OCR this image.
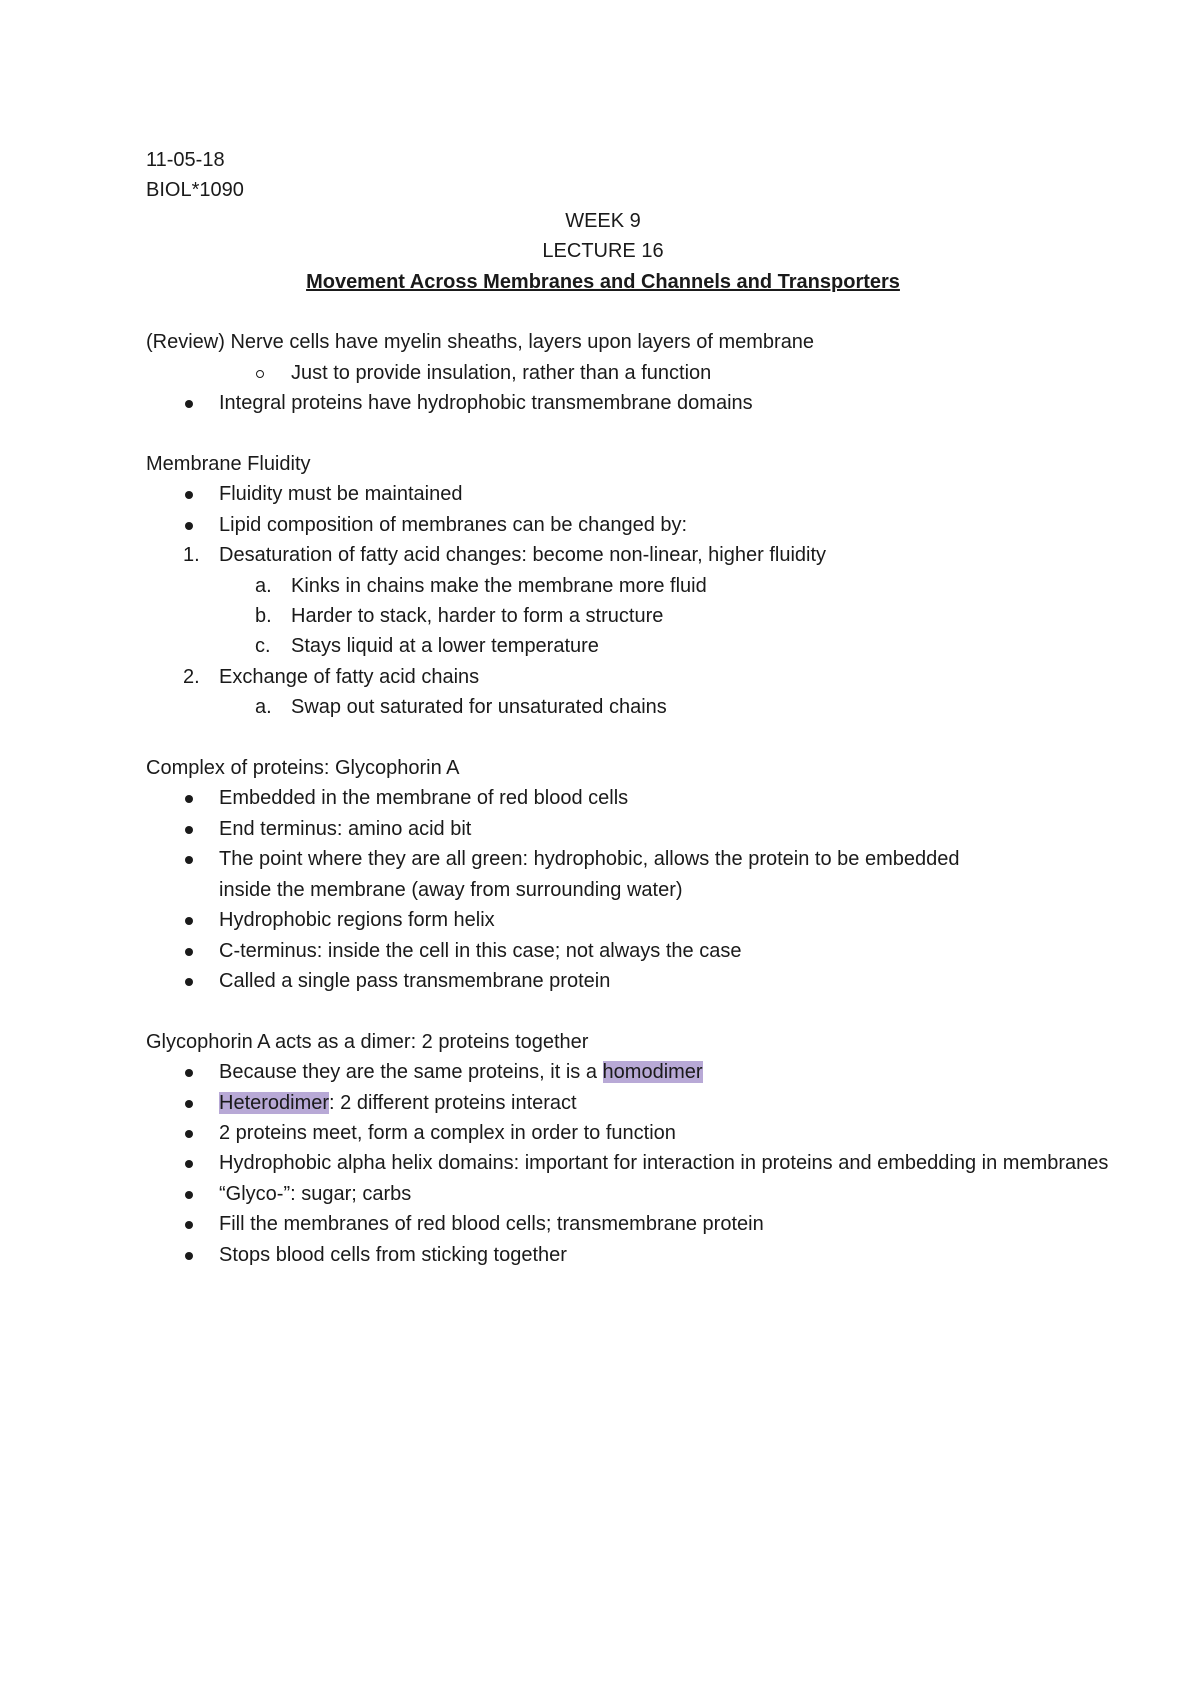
11-05-18
BIOL*1090
WEEK 9
LECTURE 16
Movement Across Membranes and Channels and Transporters
(Review) Nerve cells have myelin sheaths, layers upon layers of membrane
Just to provide insulation, rather than a function
Integral proteins have hydrophobic transmembrane domains
Membrane Fluidity
Fluidity must be maintained
Lipid composition of membranes can be changed by:
1. Desaturation of fatty acid changes: become non-linear, higher fluidity
a. Kinks in chains make the membrane more fluid
b. Harder to stack, harder to form a structure
c. Stays liquid at a lower temperature
2. Exchange of fatty acid chains
a. Swap out saturated for unsaturated chains
Complex of proteins: Glycophorin A
Embedded in the membrane of red blood cells
End terminus: amino acid bit
The point where they are all green: hydrophobic, allows the protein to be embedded inside the membrane (away from surrounding water)
Hydrophobic regions form helix
C-terminus: inside the cell in this case; not always the case
Called a single pass transmembrane protein
Glycophorin A acts as a dimer: 2 proteins together
Because they are the same proteins, it is a homodimer
Heterodimer: 2 different proteins interact
2 proteins meet, form a complex in order to function
Hydrophobic alpha helix domains: important for interaction in proteins and embedding in membranes
“Glyco-”: sugar; carbs
Fill the membranes of red blood cells; transmembrane protein
Stops blood cells from sticking together
